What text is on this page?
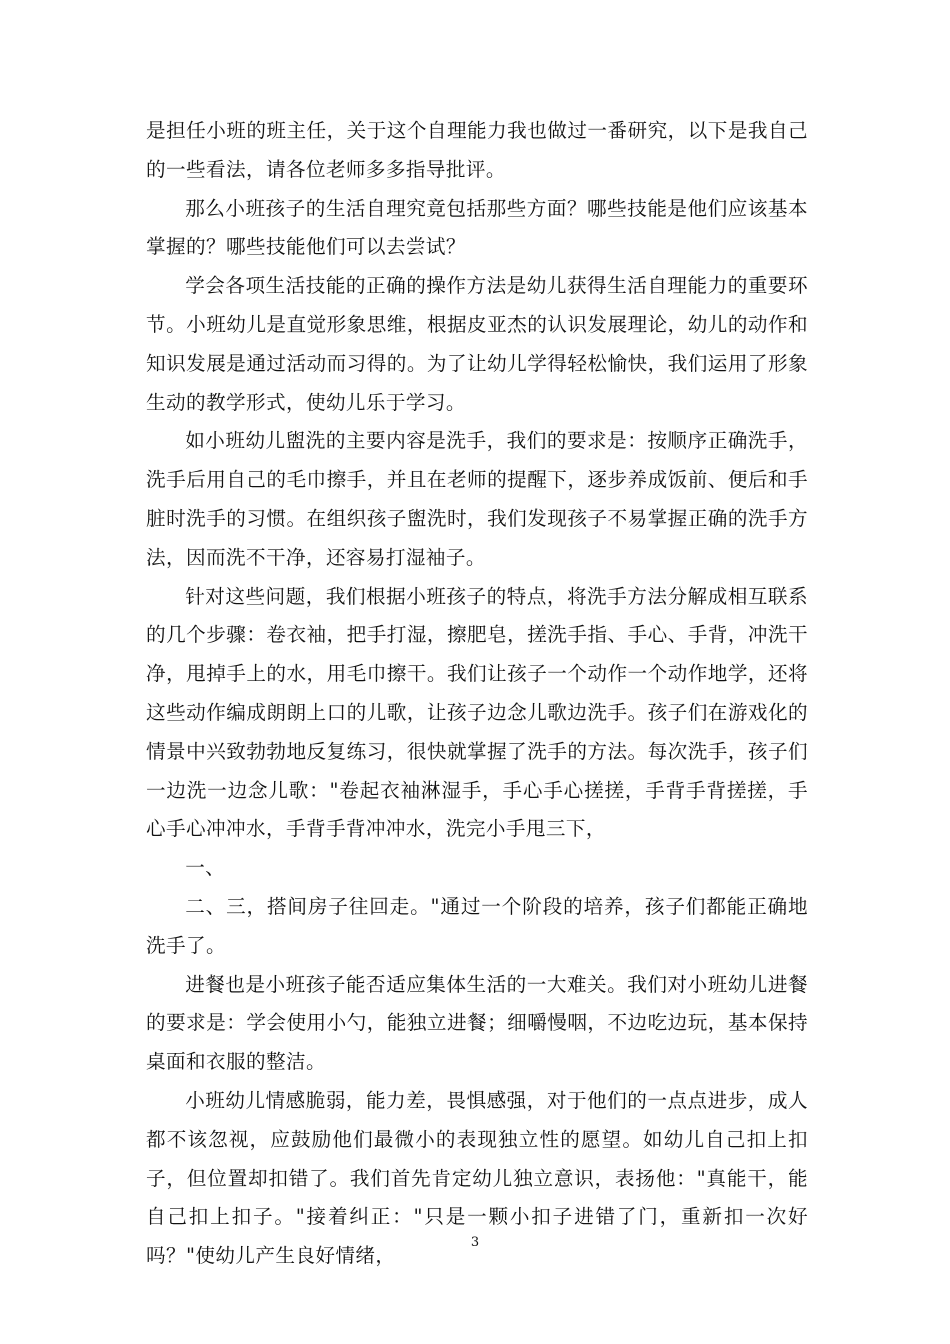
是担任小班的班主任，关于这个自理能力我也做过一番研究，以下是我自己的一些看法，请各位老师多多指导批评。

那么小班孩子的生活自理究竟包括那些方面？哪些技能是他们应该基本掌握的？哪些技能他们可以去尝试？

学会各项生活技能的正确的操作方法是幼儿获得生活自理能力的重要环节。小班幼儿是直觉形象思维，根据皮亚杰的认识发展理论，幼儿的动作和知识发展是通过活动而习得的。为了让幼儿学得轻松愉快，我们运用了形象生动的教学形式，使幼儿乐于学习。

如小班幼儿盥洗的主要内容是洗手，我们的要求是：按顺序正确洗手，洗手后用自己的毛巾擦手，并且在老师的提醒下，逐步养成饭前、便后和手脏时洗手的习惯。在组织孩子盥洗时，我们发现孩子不易掌握正确的洗手方法，因而洗不干净，还容易打湿袖子。

针对这些问题，我们根据小班孩子的特点，将洗手方法分解成相互联系的几个步骤：卷衣袖，把手打湿，擦肥皂，搓洗手指、手心、手背，冲洗干净，甩掉手上的水，用毛巾擦干。我们让孩子一个动作一个动作地学，还将这些动作编成朗朗上口的儿歌，让孩子边念儿歌边洗手。孩子们在游戏化的情景中兴致勃勃地反复练习，很快就掌握了洗手的方法。每次洗手，孩子们一边洗一边念儿歌："卷起衣袖淋湿手，手心手心搓搓，手背手背搓搓，手心手心冲冲水，手背手背冲冲水，洗完小手甩三下，

一、

二、三，搭间房子往回走。"通过一个阶段的培养，孩子们都能正确地洗手了。

进餐也是小班孩子能否适应集体生活的一大难关。我们对小班幼儿进餐的要求是：学会使用小勺，能独立进餐；细嚼慢咽，不边吃边玩，基本保持桌面和衣服的整洁。

小班幼儿情感脆弱，能力差，畏惧感强，对于他们的一点点进步，成人都不该忽视，应鼓励他们最微小的表现独立性的愿望。如幼儿自己扣上扣子，但位置却扣错了。我们首先肯定幼儿独立意识，表扬他："真能干，能自己扣上扣子。"接着纠正："只是一颗小扣子进错了门，重新扣一次好吗？"使幼儿产生良好情绪，

3
